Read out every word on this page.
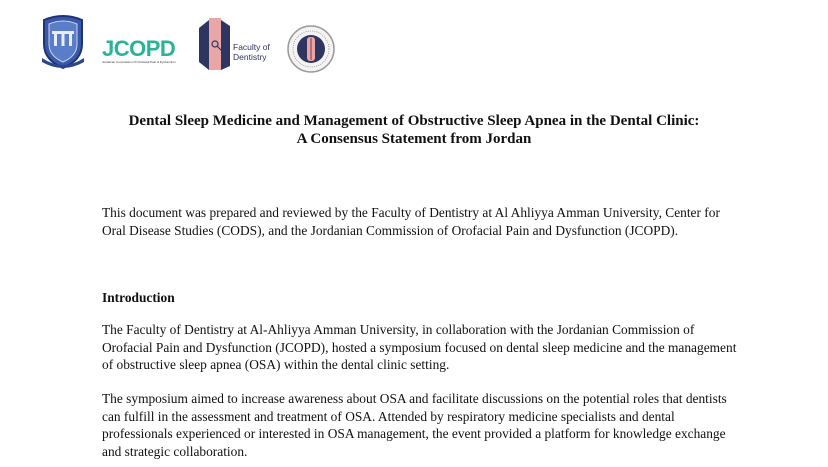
JCOPD
Jordanian Commission Of Orofacial Pain & Dysfunction
Faculty of
Dentistry
Dental Sleep Medicine and Management of Obstructive Sleep Apnea in the Dental Clinic:
A Consensus Statement from Jordan

This document was prepared and reviewed by the Faculty of Dentistry at Al Ahliyya Amman University, Center for Oral Disease Studies (CODS), and the Jordanian Commission of Orofacial Pain and Dysfunction (JCOPD).

Introduction

The Faculty of Dentistry at Al-Ahliyya Amman University, in collaboration with the Jordanian Commission of Orofacial Pain and Dysfunction (JCOPD), hosted a symposium focused on dental sleep medicine and the management of obstructive sleep apnea (OSA) within the dental clinic setting.

The symposium aimed to increase awareness about OSA and facilitate discussions on the potential roles that dentists can fulfill in the assessment and treatment of OSA. Attended by respiratory medicine specialists and dental professionals experienced or interested in OSA management, the event provided a platform for knowledge exchange and strategic collaboration.
